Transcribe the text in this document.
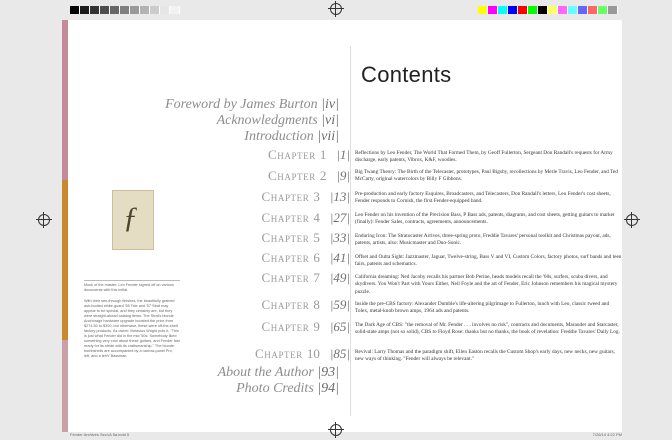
Contents
Foreword by James Burton |iv|
Acknowledgments |vi|
Introduction |vii|
Chapter 1 |1| Reflections by Leo Fender, The World That Formed Them, by Geoff Fullerton, Sergeant Don Randall's requests for Army discharge, early patents, Vibrox, K&F, woodies.
Chapter 2 |9| Big Twang Theory: The Birth of the Telecaster, prototypes, Paul Bigsby, recollections by Merle Travis, Leo Fender, and Ted McCarty, original watercolors by Billy F Gibbons.
Chapter 3 |13| Pre-production and early factory Esquires, Broadcasters, and Telecasters, Don Randall's letters, Leo Fender's cost sheets, Fender responds to Cornish, the first Fender-equipped band.
Chapter 4 |27| Leo Fender on his invention of the Precision Bass, P Bass ads, patents, diagrams, and cost sheets, getting guitars to market (finally): Fender Sales, contracts, agreements, announcements.
Chapter 5 |33| Enduring Icon: The Stratocaster Arrives, three-spring proto, Freddie Tavares' personal toolkit and Christmas payout, ads, patents, artists, also: Musicmaster and Duo-Sonic.
Chapter 6 |41| Offset and Outta Sight: Jazzmaster, Jaguar, Twelve-string, Bass V and VI, Custom Colors, factory photos, surf bands and teen fairs, patents and schematics.
Chapter 7 |49| California dreaming: Ned Jacoby recalls his partner Bob Perine, heads models recall the '60s, surfers, scuba divers, and skydivers. You Won't Part with Yours Either, Neil Foyle and the art of Fender, Eric Johnson remembers his magical mystery puzzle.
Chapter 8 |59| Inside the pre-CBS factory: Alexander Dumble's life-altering pilgrimage to Fullerton, lunch with Leo, classic tweed and Tolex, metal-knob brown amps, 1964 ads and patents.
Chapter 9 |65| The Dark Age of CBS: "the removal of Mr. Fender . . . involves no risk", contracts and documents, Marauder and Starcaster, solid-state amps (not so solid), CBS to Floyd Rose: thanks but no thanks, the book of revelation: Freddie Tavares' Daily Log.
Chapter 10 |85| Revival: Larry Thomas and the paradigm shift, Ellen Easton recalls the Custom Shop's early days, new necks, new guitars, new ways of thinking. "Fender will always be relevant."
About the Author |93|
Photo Credits |94|
ƒ
Mock of the master: Leo Fender signed off on various documents with this initial.
With their see-through finishes, the beautifully grained ash-bodied white-guard '55 Tele and '57 Strat may appear to be special, and they certainly are, but they were straight-ahead catalog items. The Strat's blonde Anchorage hardware upgrade boosted the price from $274.50 to $300, but otherwise, these were off-the-shelf factory products. As owner Vintavius Wright puts it, "This is just what Fender did in the mid '50s. Somebody liked something very cool about these guitars, and Fender fast ready for its stride with its craftsmanship." The blonde bombshells are accompanied by a narrow-panel Pro, left, and a tenV Bassman.
Fender Archives Sec1A 5a.indd 5	7/26/14 4:22 PM
